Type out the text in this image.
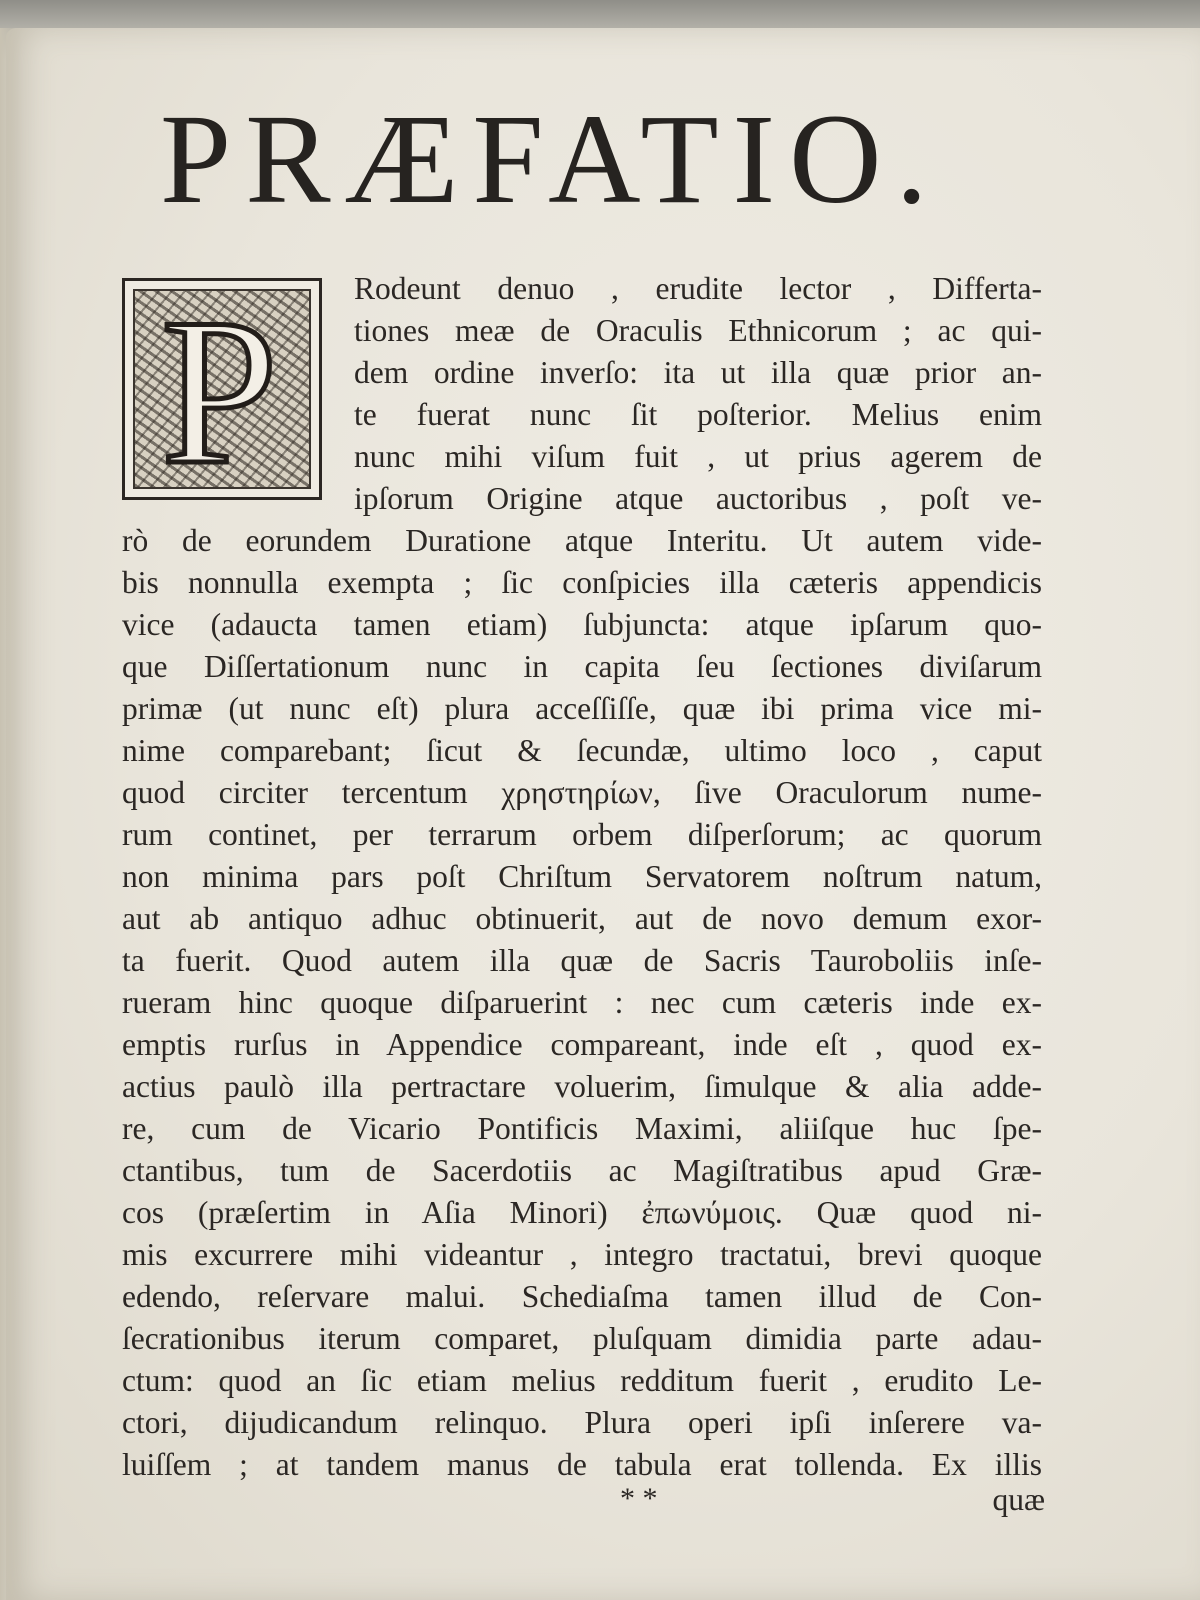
PRÆFATIO.
P	Rodeunt denuo , erudite lector , Differta-
tiones meæ de Oraculis Ethnicorum ; ac qui-
dem ordine inverſo: ita ut illa quæ prior an-
te fuerat nunc ſit poſterior. Melius enim
nunc mihi viſum fuit , ut prius agerem de
ipſorum Origine atque auctoribus , poſt ve-
rò de eorundem Duratione atque Interitu. Ut autem vide-
bis nonnulla exempta ; ſic conſpicies illa cæteris appendicis
vice (adaucta tamen etiam) ſubjuncta: atque ipſarum quo-
que Diſſertationum nunc in capita ſeu ſectiones diviſarum
primæ (ut nunc eſt) plura acceſſiſſe, quæ ibi prima vice mi-
nime comparebant; ſicut & ſecundæ, ultimo loco , caput
quod circiter tercentum χρηστηρίων, ſive Oraculorum nume-
rum continet, per terrarum orbem diſperſorum; ac quorum
non minima pars poſt Chriſtum Servatorem noſtrum natum,
aut ab antiquo adhuc obtinuerit, aut de novo demum exor-
ta fuerit. Quod autem illa quæ de Sacris Tauroboliis inſe-
rueram hinc quoque diſparuerint : nec cum cæteris inde ex-
emptis rurſus in Appendice compareant, inde eſt , quod ex-
actius paulò illa pertractare voluerim, ſimulque & alia adde-
re, cum de Vicario Pontificis Maximi, aliiſque huc ſpe-
ctantibus, tum de Sacerdotiis ac Magiſtratibus apud Græ-
cos (præſertim in Aſia Minori) ἐπωνύμοις. Quæ quod ni-
mis excurrere mihi videantur , integro tractatui, brevi quoque
edendo, reſervare malui. Schediaſma tamen illud de Con-
ſecrationibus iterum comparet, pluſquam dimidia parte adau-
ctum: quod an ſic etiam melius redditum fuerit , erudito Le-
ctori, dijudicandum relinquo. Plura operi ipſi inſerere va-
luiſſem ; at tandem manus de tabula erat tollenda. Ex illis
* *	quæ
